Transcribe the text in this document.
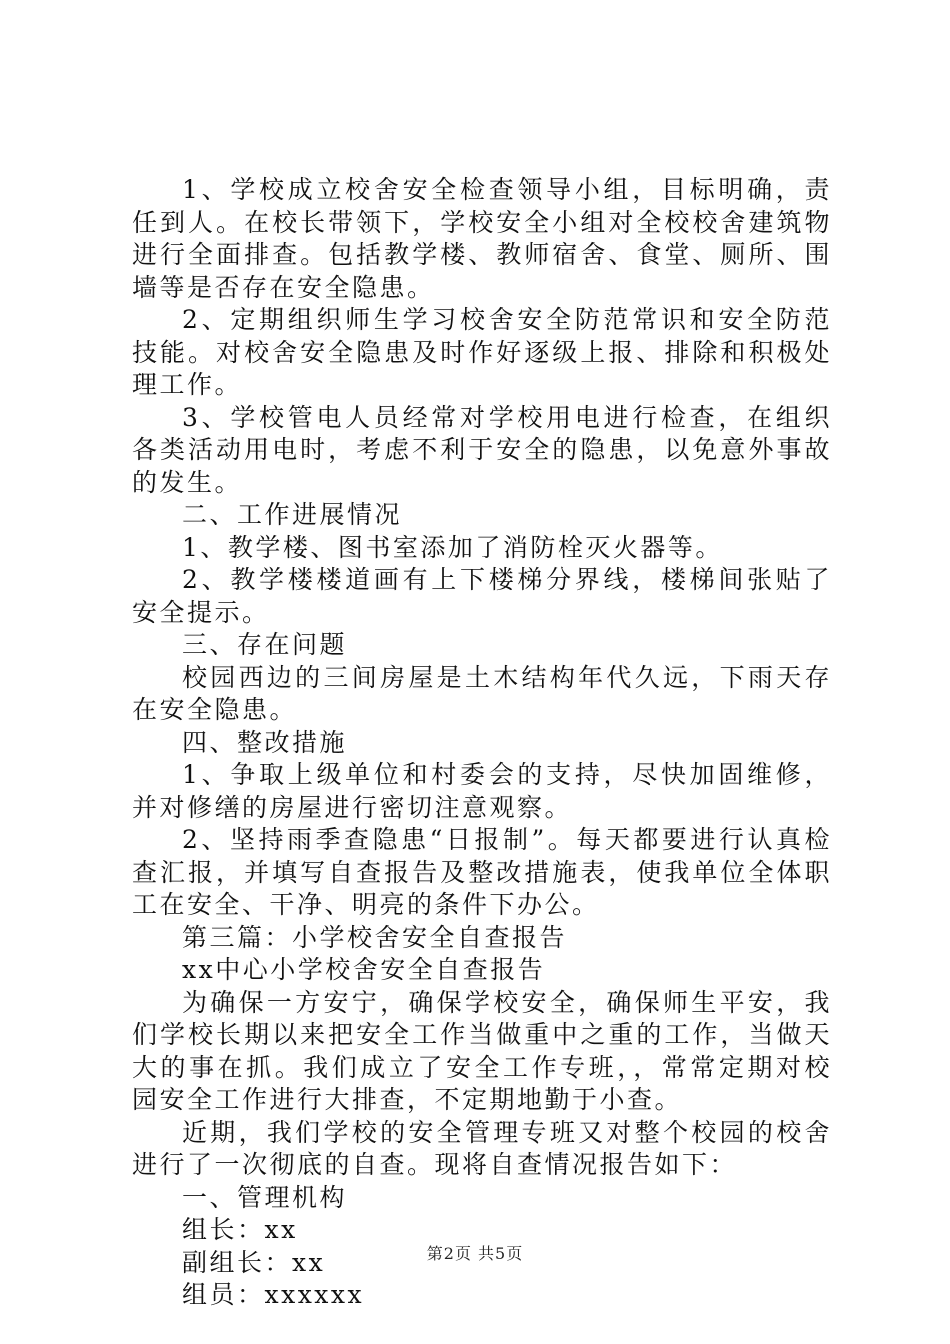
1、学校成立校舍安全检查领导小组，目标明确，责任到人。在校长带领下，学校安全小组对全校校舍建筑物进行全面排查。包括教学楼、教师宿舍、食堂、厕所、围墙等是否存在安全隐患。

2、定期组织师生学习校舍安全防范常识和安全防范技能。对校舍安全隐患及时作好逐级上报、排除和积极处理工作。

3、学校管电人员经常对学校用电进行检查，在组织各类活动用电时，考虑不利于安全的隐患，以免意外事故的发生。

二、工作进展情况

1、教学楼、图书室添加了消防栓灭火器等。

2、教学楼楼道画有上下楼梯分界线，楼梯间张贴了安全提示。

三、存在问题

校园西边的三间房屋是土木结构年代久远，下雨天存在安全隐患。

四、整改措施

1、争取上级单位和村委会的支持，尽快加固维修，并对修缮的房屋进行密切注意观察。

2、坚持雨季查隐患“日报制”。每天都要进行认真检查汇报，并填写自查报告及整改措施表，使我单位全体职工在安全、干净、明亮的条件下办公。

第三篇：小学校舍安全自查报告

xx中心小学校舍安全自查报告

为确保一方安宁，确保学校安全，确保师生平安，我们学校长期以来把安全工作当做重中之重的工作，当做天大的事在抓。我们成立了安全工作专班，，常常定期对校园安全工作进行大排查，不定期地勤于小查。

近期，我们学校的安全管理专班又对整个校园的校舍进行了一次彻底的自查。现将自查情况报告如下：

一、管理机构

组长：xx

副组长：xx

组员：xxxxxx

第2页 共5页
